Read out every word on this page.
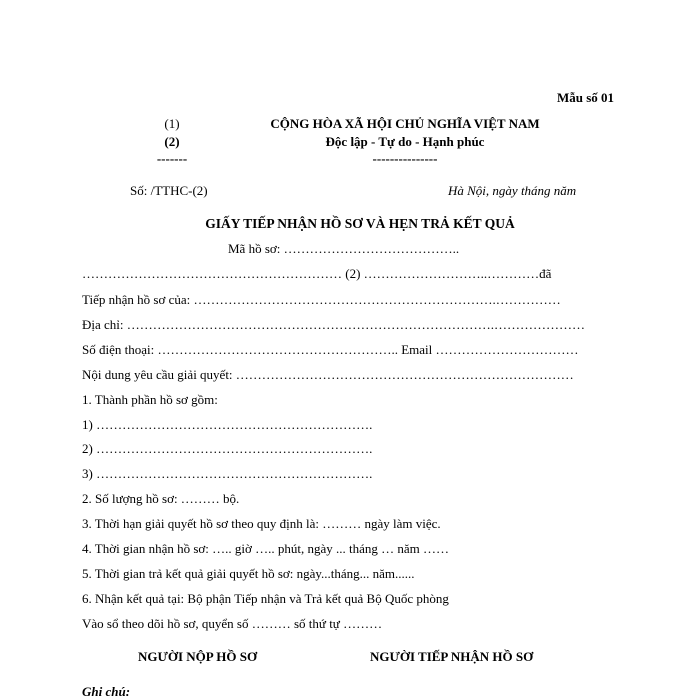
Mẫu số 01
(1)
(2)
-------
CỘNG HÒA XÃ HỘI CHỦ NGHĨA VIỆT NAM
Độc lập - Tự do - Hạnh phúc
---------------
Số: /TTHC-(2)	Hà Nội, ngày tháng năm
GIẤY TIẾP NHẬN HỒ SƠ VÀ HẸN TRẢ KẾT QUẢ
Mã hồ sơ: …………………………………..
…………………………………………………… (2) ………………………..…………đã
Tiếp nhận hồ sơ của: …………………………………………………………….……………
Địa chỉ: ………………………………………………………………………….…………………
Số điện thoại: ……………………………………………….. Email ……………………………
Nội dung yêu cầu giải quyết: ……………………………………………………………………
1. Thành phần hồ sơ gồm:
1) ……………………………………………………….
2) ……………………………………………………….
3) ……………………………………………………….
2. Số lượng hồ sơ: ……… bộ.
3. Thời hạn giải quyết hồ sơ theo quy định là: ……… ngày làm việc.
4. Thời gian nhận hồ sơ: ….. giờ ….. phút, ngày ... tháng … năm ……
5. Thời gian trả kết quả giải quyết hồ sơ: ngày...tháng... năm......
6. Nhận kết quả tại: Bộ phận Tiếp nhận và Trả kết quả Bộ Quốc phòng
Vào sổ theo dõi hồ sơ, quyển số ……… số thứ tự ………
NGƯỜI NỘP HỒ SƠ	NGƯỜI TIẾP NHẬN HỒ SƠ
Ghi chú:
